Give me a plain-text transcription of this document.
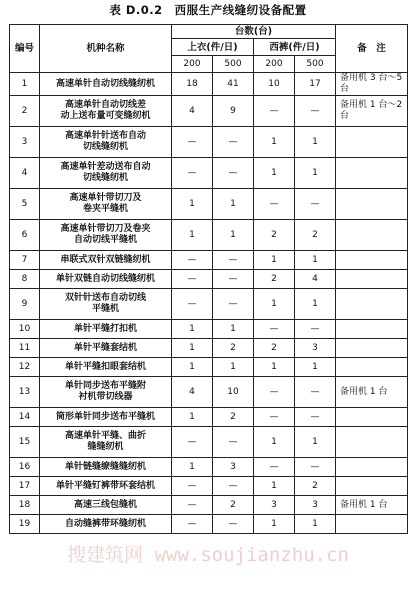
表 D.0.2　西服生产线缝纫设备配置
编号	机种名称	台数(台)				备　注
		上衣(件/日)		西裤(件/日)		
		200	500	200	500	
1	高速单针自动切线缝纫机	18	41	10	17	备用机 3 台～5 台
2	高速单针自动切线差
动上送布量可变缝纫机	4	9	—	—	备用机 1 台～2 台
3	高速单针针送布自动
切线缝纫机	—	—	1	1	
4	高速单针差动送布自动
切线缝纫机	—	—	1	1	
5	高速单针带切刀及
卷夹平缝机	1	1	—	—	
6	高速单针带切刀及卷夹
自动切线平缝机	1	1	2	2	
7	串联式双针双链缝纫机	—	—	1	1	
8	单针双链自动切线缝纫机	—	—	2	4	
9	双针针送布自动切线
平缝机	—	—	1	1	
10	单针平缝打扣机	1	1	—	—	
11	单针平缝套结机	1	2	2	3	
12	单针平缝扣眼套结机	1	1	1	1	
13	单针同步送布平缝附
衬机带切线器	4	10	—	—	备用机 1 台
14	筒形单针同步送布平缝机	1	2	—	—	
15	高速单针平缝、曲折
缝缝纫机	—	—	1	1	
16	单针链缝缭缝缝纫机	1	3	—	—	
17	单针平缝钉裤带环套结机	—	—	1	2	
18	高速三线包缝机	—	2	3	3	备用机 1 台
19	自动缝裤带环缝纫机	—	—	1	1	
搜建筑网 www.soujianzhu.cn
